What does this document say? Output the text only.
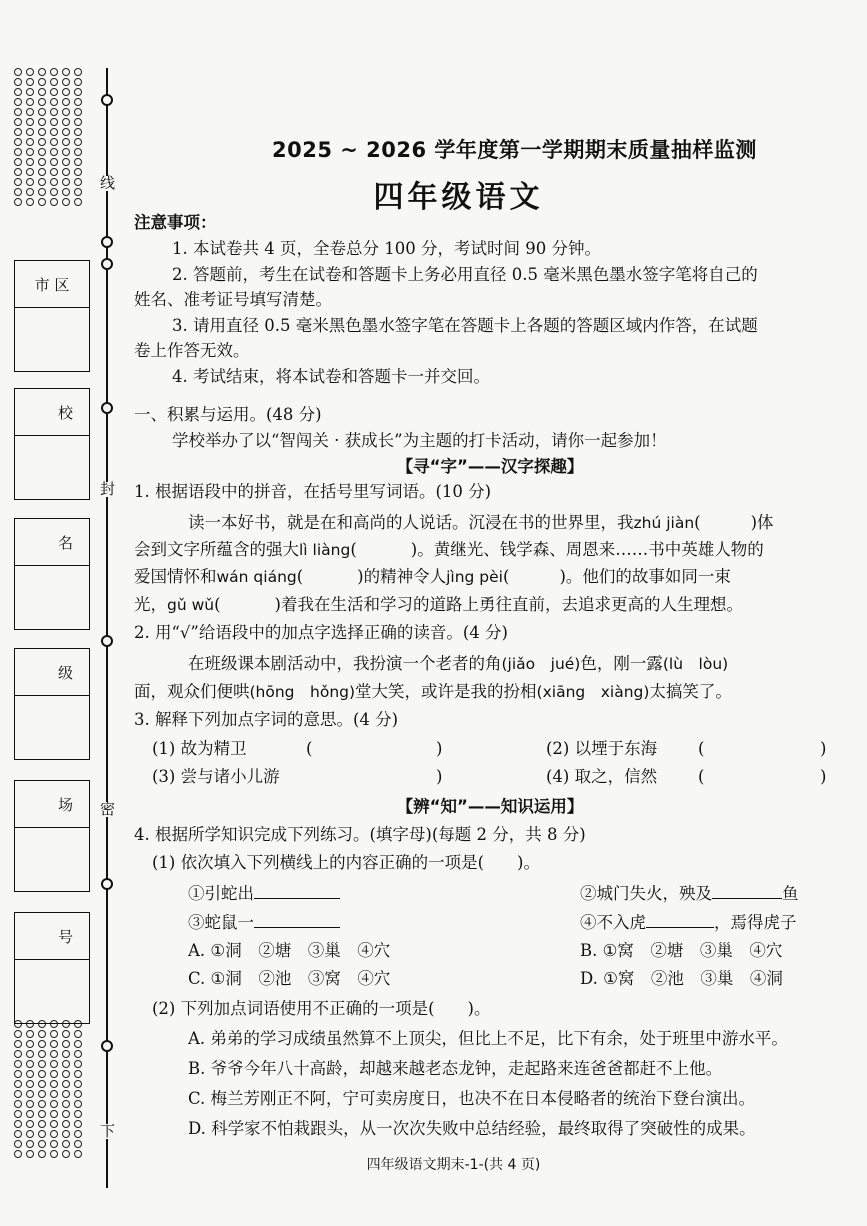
线
封
密
下
市 区
校
名
级
场
号
2025 ~ 2026 学年度第一学期期末质量抽样监测
四年级语文
注意事项：
1. 本试卷共 4 页，全卷总分 100 分，考试时间 90 分钟。
2. 答题前，考生在试卷和答题卡上务必用直径 0.5 毫米黑色墨水签字笔将自己的
姓名、准考证号填写清楚。
3. 请用直径 0.5 毫米黑色墨水签字笔在答题卡上各题的答题区域内作答，在试题
卷上作答无效。
4. 考试结束，将本试卷和答题卡一并交回。
一、积累与运用。(48 分)
学校举办了以“智闯关 · 获成长”为主题的打卡活动，请你一起参加！
【寻“字”——汉字探趣】
1. 根据语段中的拼音，在括号里写词语。(10 分)
读一本好书，就是在和高尚的人说话。沉浸在书的世界里，我zhú jiàn(	)体
会到文字所蕴含的强大lì liàng(	)。黄继光、钱学森、周恩来……书中英雄人物的
爱国情怀和wán qiáng(	)的精神令人jìng pèi(	)。他们的故事如同一束
光，gǔ wǔ(	)着我在生活和学习的道路上勇往直前，去追求更高的人生理想。
2. 用“√”给语段中的加点字选择正确的读音。(4 分)
在班级课本剧活动中，我扮演一个老者的角(jiǎo　jué)色，刚一露(lù　lòu)
面，观众们便哄(hōng　hǒng)堂大笑，或许是我的扮相(xiāng　xiàng)太搞笑了。
3. 解释下列加点字词的意思。(4 分)
(1) 故为精卫	(	)	(2) 以堙于东海 (	)
(3) 尝与诸小儿游	)	(4) 取之，信然 (	)
【辨“知”——知识运用】
4. 根据所学知识完成下列练习。(填字母)(每题 2 分，共 8 分)
(1) 依次填入下列横线上的内容正确的一项是(　　)。
①引蛇出	②城门失火，殃及	鱼
③蛇鼠一	④不入虎	，焉得虎子
A. ①洞　②塘　③巢　④穴	B. ①窝　②塘　③巢　④穴
C. ①洞　②池　③窝　④穴	D. ①窝　②池　③巢　④洞
(2) 下列加点词语使用不正确的一项是(　　)。
A. 弟弟的学习成绩虽然算不上顶尖，但比上不足，比下有余，处于班里中游水平。
B. 爷爷今年八十高龄，却越来越老态龙钟，走起路来连爸爸都赶不上他。
C. 梅兰芳刚正不阿，宁可卖房度日，也决不在日本侵略者的统治下登台演出。
D. 科学家不怕栽跟头，从一次次失败中总结经验，最终取得了突破性的成果。
四年级语文期末-1-(共 4 页)
